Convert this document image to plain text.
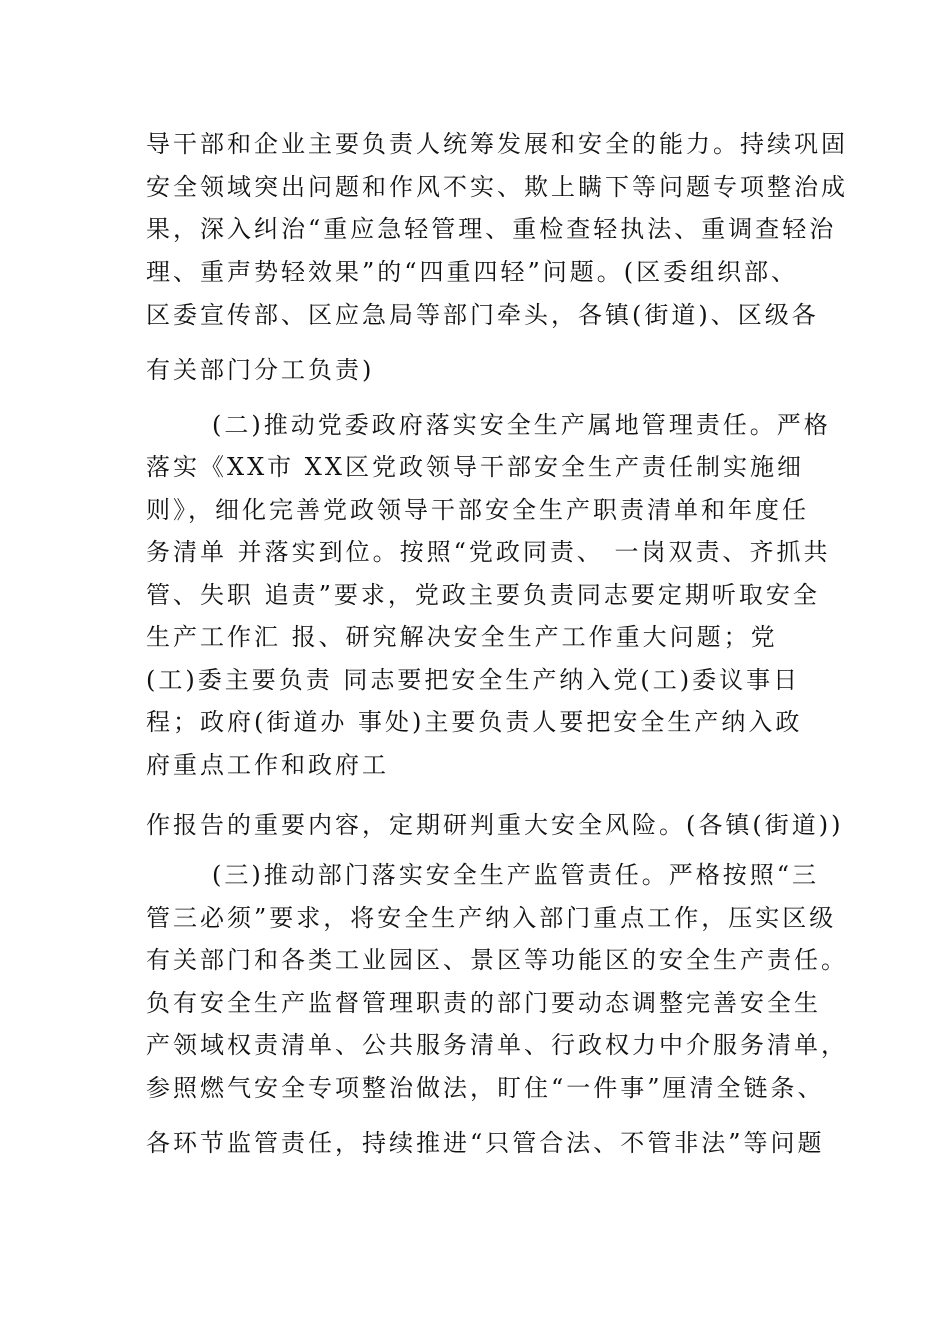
导干部和企业主要负责人统筹发展和安全的能力。持续巩固
安全领域突出问题和作风不实、欺上瞒下等问题专项整治成
果，深入纠治“重应急轻管理、重检查轻执法、重调查轻治
理、重声势轻效果”的“四重四轻”问题。(区委组织部、
区委宣传部、区应急局等部门牵头，各镇(街道)、区级各
有关部门分工负责)
(二)推动党委政府落实安全生产属地管理责任。严格
落实《XX市 XX区党政领导干部安全生产责任制实施细
则》，细化完善党政领导干部安全生产职责清单和年度任
务清单 并落实到位。按照“党政同责、 一岗双责、齐抓共
管、失职 追责”要求，党政主要负责同志要定期听取安全
生产工作汇 报、研究解决安全生产工作重大问题；党
(工)委主要负责 同志要把安全生产纳入党(工)委议事日
程；政府(街道办 事处)主要负责人要把安全生产纳入政
府重点工作和政府工
作报告的重要内容，定期研判重大安全风险。(各镇(街道))
(三)推动部门落实安全生产监管责任。严格按照“三
管三必须”要求，将安全生产纳入部门重点工作，压实区级
有关部门和各类工业园区、景区等功能区的安全生产责任。
负有安全生产监督管理职责的部门要动态调整完善安全生
产领域权责清单、公共服务清单、行政权力中介服务清单，
参照燃气安全专项整治做法，盯住“一件事”厘清全链条、
各环节监管责任，持续推进“只管合法、不管非法”等问题
